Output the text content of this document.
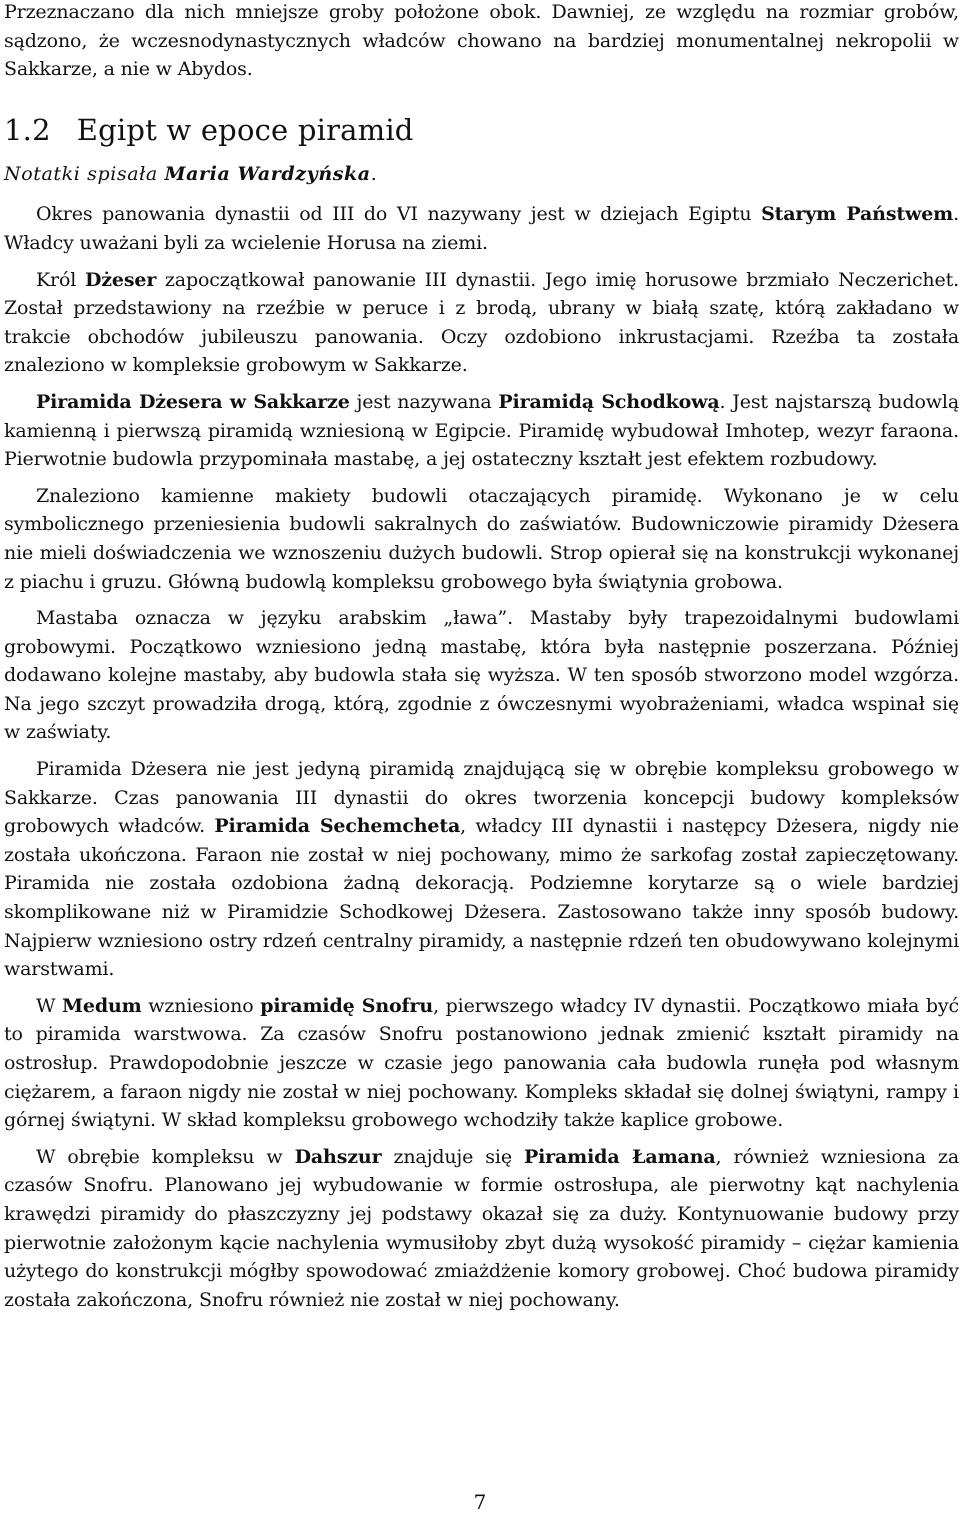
Przeznaczano dla nich mniejsze groby położone obok. Dawniej, ze względu na rozmiar grobów, sądzono, że wczesnodynastycznych władców chowano na bardziej monumentalnej nekropolii w Sakkarze, a nie w Abydos.

1.2 Egipt w epoce piramid
Notatki spisała Maria Wardzyńska.

Okres panowania dynastii od III do VI nazywany jest w dziejach Egiptu Starym Państwem. Władcy uważani byli za wcielenie Horusa na ziemi.

Król Dżeser zapoczątkował panowanie III dynastii. Jego imię horusowe brzmiało Neczerichet. Został przedstawiony na rzeźbie w peruce i z brodą, ubrany w białą szatę, którą zakładano w trakcie obchodów jubileuszu panowania. Oczy ozdobiono inkrustacjami. Rzeźba ta została znaleziono w kompleksie grobowym w Sakkarze.

Piramida Dżesera w Sakkarze jest nazywana Piramidą Schodkową. Jest najstarszą budowlą kamienną i pierwszą piramidą wzniesioną w Egipcie. Piramidę wybudował Imhotep, wezyr faraona. Pierwotnie budowla przypominała mastabę, a jej ostateczny kształt jest efektem rozbudowy.

Znaleziono kamienne makiety budowli otaczających piramidę. Wykonano je w celu symbolicznego przeniesienia budowli sakralnych do zaświatów. Budowniczowie piramidy Dżesera nie mieli doświadczenia we wznoszeniu dużych budowli. Strop opierał się na konstrukcji wykonanej z piachu i gruzu. Główną budowlą kompleksu grobowego była świątynia grobowa.

Mastaba oznacza w języku arabskim „ława”. Mastaby były trapezoidalnymi budowlami grobowymi. Początkowo wzniesiono jedną mastabę, która była następnie poszerzana. Później dodawano kolejne mastaby, aby budowla stała się wyższa. W ten sposób stworzono model wzgórza. Na jego szczyt prowadziła drogą, którą, zgodnie z ówczesnymi wyobrażeniami, władca wspinał się w zaświaty.

Piramida Dżesera nie jest jedyną piramidą znajdującą się w obrębie kompleksu grobowego w Sakkarze. Czas panowania III dynastii do okres tworzenia koncepcji budowy kompleksów grobowych władców. Piramida Sechemcheta, władcy III dynastii i następcy Dżesera, nigdy nie została ukończona. Faraon nie został w niej pochowany, mimo że sarkofag został zapieczętowany. Piramida nie została ozdobiona żadną dekoracją. Podziemne korytarze są o wiele bardziej skomplikowane niż w Piramidzie Schodkowej Dżesera. Zastosowano także inny sposób budowy. Najpierw wzniesiono ostry rdzeń centralny piramidy, a następnie rdzeń ten obudowywano kolejnymi warstwami.

W Medum wzniesiono piramidę Snofru, pierwszego władcy IV dynastii. Początkowo miała być to piramida warstwowa. Za czasów Snofru postanowiono jednak zmienić kształt piramidy na ostrosłup. Prawdopodobnie jeszcze w czasie jego panowania cała budowla runęła pod własnym ciężarem, a faraon nigdy nie został w niej pochowany. Kompleks składał się dolnej świątyni, rampy i górnej świątyni. W skład kompleksu grobowego wchodziły także kaplice grobowe.

W obrębie kompleksu w Dahszur znajduje się Piramida Łamana, również wzniesiona za czasów Snofru. Planowano jej wybudowanie w formie ostrosłupa, ale pierwotny kąt nachylenia krawędzi piramidy do płaszczyzny jej podstawy okazał się za duży. Kontynuowanie budowy przy pierwotnie założonym kącie nachylenia wymusiłoby zbyt dużą wysokość piramidy – ciężar kamienia użytego do konstrukcji mógłby spowodować zmiażdżenie komory grobowej. Choć budowa piramidy została zakończona, Snofru również nie został w niej pochowany.

7
